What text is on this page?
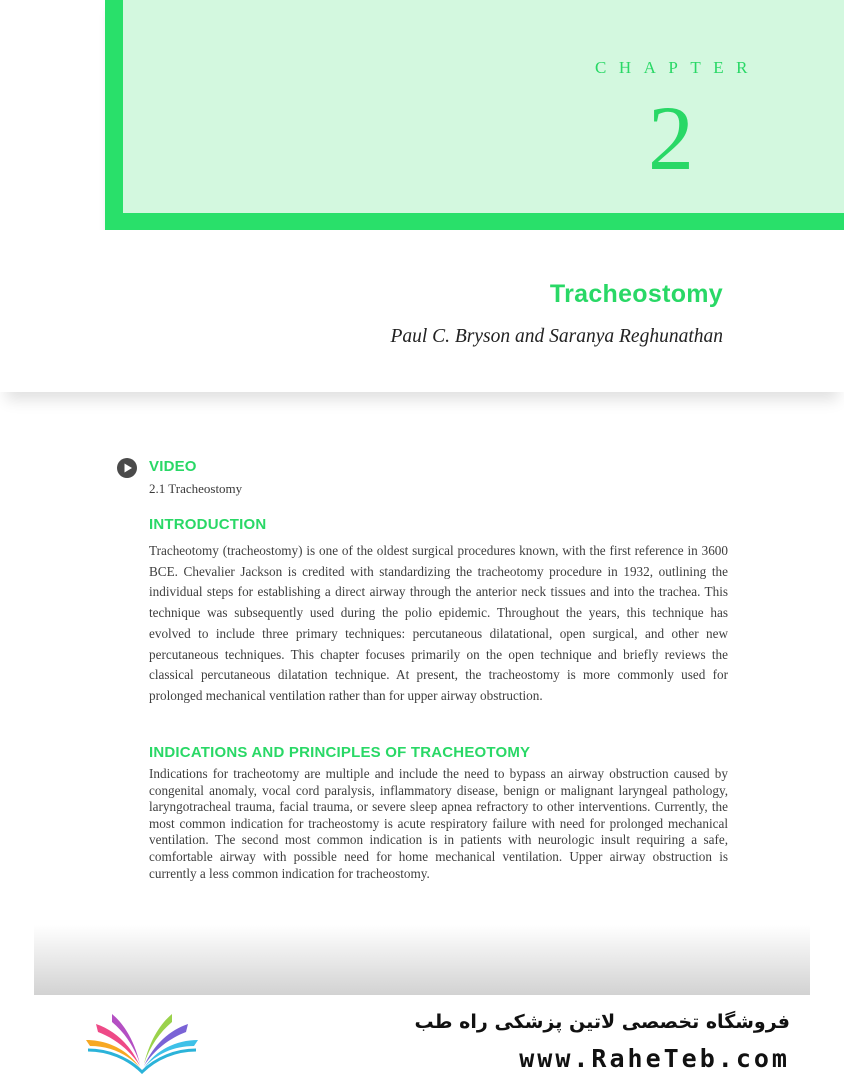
CHAPTER
2
Tracheostomy
Paul C. Bryson and Saranya Reghunathan
VIDEO
2.1 Tracheostomy
INTRODUCTION

Tracheotomy (tracheostomy) is one of the oldest surgical procedures known, with the first reference in 3600 BCE. Chevalier Jackson is credited with standardizing the tracheotomy procedure in 1932, outlining the individual steps for establishing a direct airway through the anterior neck tissues and into the trachea. This technique was subsequently used during the polio epidemic. Throughout the years, this technique has evolved to include three primary techniques: percutaneous dilatational, open surgical, and other new percutaneous techniques. This chapter focuses primarily on the open technique and briefly reviews the classical percutaneous dilatation technique. At present, the tracheostomy is more commonly used for prolonged mechanical ventilation rather than for upper airway obstruction.

INDICATIONS AND PRINCIPLES OF TRACHEOTOMY

Indications for tracheotomy are multiple and include the need to bypass an airway obstruction caused by congenital anomaly, vocal cord paralysis, inflammatory disease, benign or malignant laryngeal pathology, laryngotracheal trauma, facial trauma, or severe sleep apnea refractory to other interventions. Currently, the most common indication for tracheostomy is acute respiratory failure with need for prolonged mechanical ventilation. The second most common indication is in patients with neurologic insult requiring a safe, comfortable airway with possible need for home mechanical ventilation. Upper airway obstruction is currently a less common indication for tracheostomy.

فروشگاه تخصصی لاتین پزشکی راه طب
www.RaheTeb.com
